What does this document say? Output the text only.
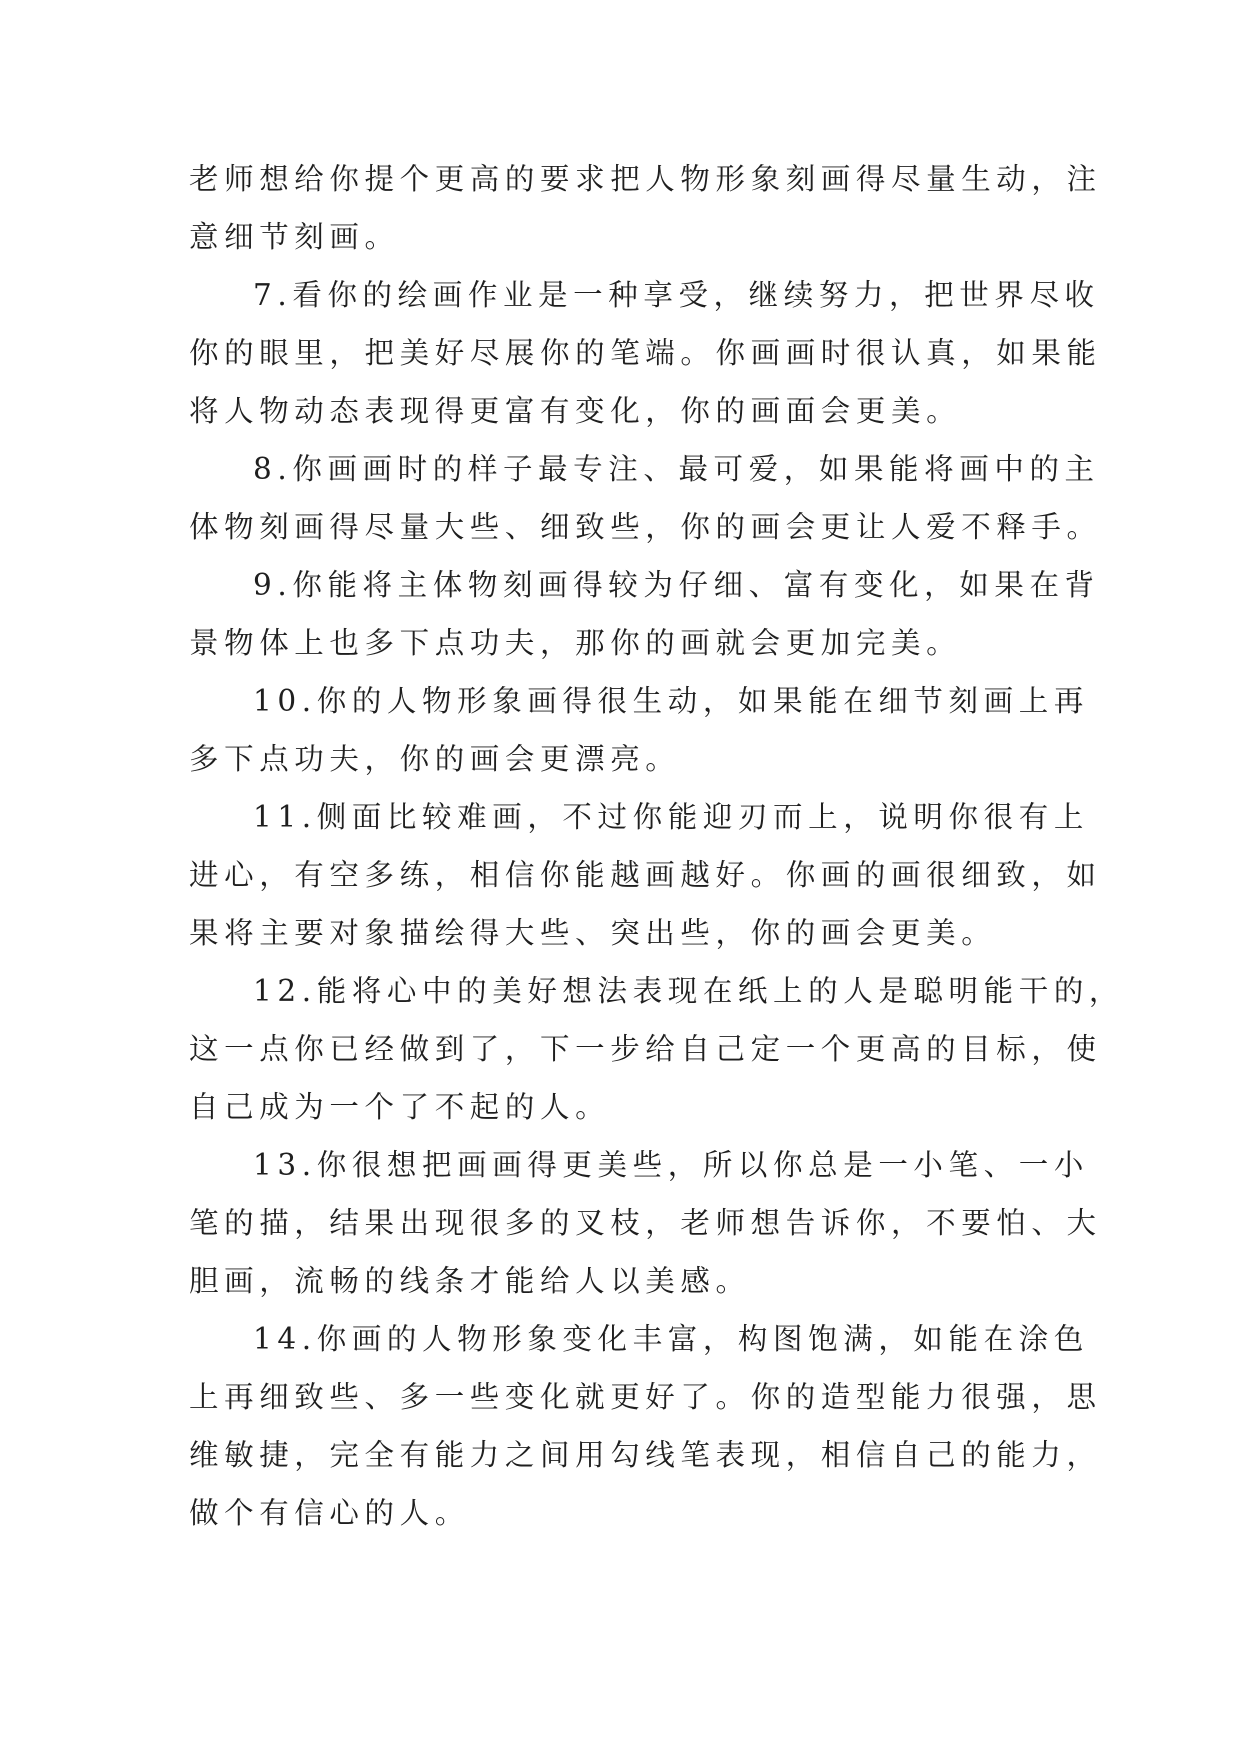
老师想给你提个更高的要求把人物形象刻画得尽量生动，注
意细节刻画。
7.看你的绘画作业是一种享受，继续努力，把世界尽收
你的眼里，把美好尽展你的笔端。你画画时很认真，如果能
将人物动态表现得更富有变化，你的画面会更美。
8.你画画时的样子最专注、最可爱，如果能将画中的主
体物刻画得尽量大些、细致些，你的画会更让人爱不释手。
9.你能将主体物刻画得较为仔细、富有变化，如果在背
景物体上也多下点功夫，那你的画就会更加完美。
10.你的人物形象画得很生动，如果能在细节刻画上再
多下点功夫，你的画会更漂亮。
11.侧面比较难画，不过你能迎刃而上，说明你很有上
进心，有空多练，相信你能越画越好。你画的画很细致，如
果将主要对象描绘得大些、突出些，你的画会更美。
12.能将心中的美好想法表现在纸上的人是聪明能干的，
这一点你已经做到了，下一步给自己定一个更高的目标，使
自己成为一个了不起的人。
13.你很想把画画得更美些，所以你总是一小笔、一小
笔的描，结果出现很多的叉枝，老师想告诉你，不要怕、大
胆画，流畅的线条才能给人以美感。
14.你画的人物形象变化丰富，构图饱满，如能在涂色
上再细致些、多一些变化就更好了。你的造型能力很强，思
维敏捷，完全有能力之间用勾线笔表现，相信自己的能力，
做个有信心的人。
